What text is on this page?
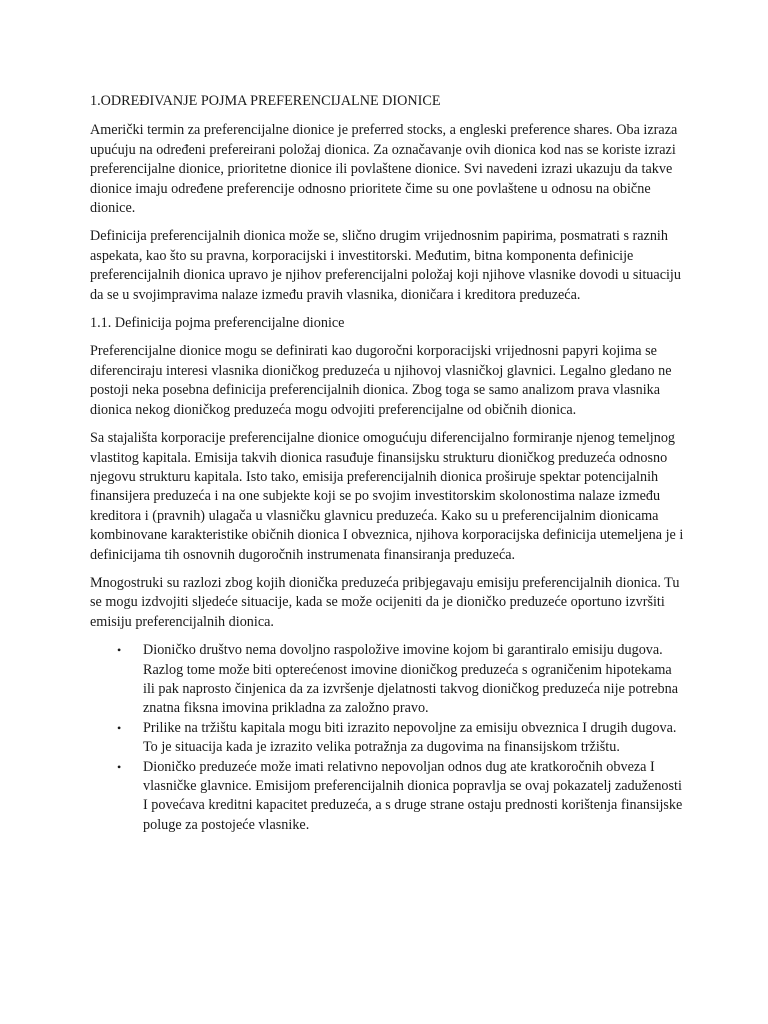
1.ODREĐIVANJE POJMA PREFERENCIJALNE DIONICE

Američki termin za preferencijalne dionice je preferred stocks, a engleski preference shares. Oba izraza upućuju na određeni prefereirani položaj dionica. Za označavanje ovih dionica kod nas se koriste izrazi preferencijalne dionice, prioritetne dionice ili povlaštene dionice. Svi navedeni izrazi ukazuju da takve dionice imaju određene preferencije odnosno prioritete čime su one povlaštene u odnosu na obične dionice.

Definicija preferencijalnih dionica može se, slično drugim vrijednosnim papirima, posmatrati s raznih aspekata, kao što su pravna, korporacijski i investitorski. Međutim, bitna komponenta definicije preferencijalnih dionica upravo je njihov preferencijalni položaj koji njihove vlasnike dovodi u situaciju da se u svojimpravima nalaze između pravih vlasnika, dioničara i kreditora preduzeća.

1.1. Definicija pojma preferencijalne dionice

Preferencijalne dionice mogu se definirati kao dugoročni korporacijski vrijednosni papyri kojima se diferenciraju interesi vlasnika dioničkog preduzeća u njihovoj vlasničkoj glavnici. Legalno gledano ne postoji neka posebna definicija preferencijalnih dionica. Zbog toga se samo analizom prava vlasnika dionica nekog dioničkog preduzeća mogu odvojiti preferencijalne od običnih dionica.

Sa stajališta korporacije preferencijalne dionice omogućuju diferencijalno formiranje njenog temeljnog vlastitog kapitala. Emisija takvih dionica rasuđuje finansijsku strukturu dioničkog preduzeća odnosno njegovu strukturu kapitala. Isto tako, emisija preferencijalnih dionica proširuje spektar potencijalnih finansijera preduzeća i na one subjekte koji se po svojim investitorskim skolonostima nalaze između kreditora i (pravnih) ulagača u vlasničku glavnicu preduzeća. Kako su u preferencijalnim dionicama kombinovane karakteristike običnih dionica I obveznica, njihova korporacijska definicija utemeljena je i definicijama tih osnovnih dugoročnih instrumenata finansiranja preduzeća.

Mnogostruki su razlozi zbog kojih dionička preduzeća pribjegavaju emisiju preferencijalnih dionica. Tu se mogu izdvojiti sljedeće situacije, kada se može ocijeniti da je dioničko preduzeće oportuno izvršiti emisiju preferencijalnih dionica.

• Dioničko društvo nema dovoljno raspoložive imovine kojom bi garantiralo emisiju dugova. Razlog tome može biti opterećenost imovine dioničkog preduzeća s ograničenim hipotekama ili pak naprosto činjenica da za izvršenje djelatnosti takvog dioničkog preduzeća nije potrebna znatna fiksna imovina prikladna za založno pravo.
• Prilike na tržištu kapitala mogu biti izrazito nepovoljne za emisiju obveznica I drugih dugova. To je situacija kada je izrazito velika potražnja za dugovima na finansijskom tržištu.
• Dioničko preduzeće može imati relativno nepovoljan odnos dug ate kratkoročnih obveza I vlasničke glavnice. Emisijom preferencijalnih dionica popravlja se ovaj pokazatelj zaduženosti I povećava kreditni kapacitet preduzeća, a s druge strane ostaju prednosti korištenja finansijske poluge za postojeće vlasnike.
